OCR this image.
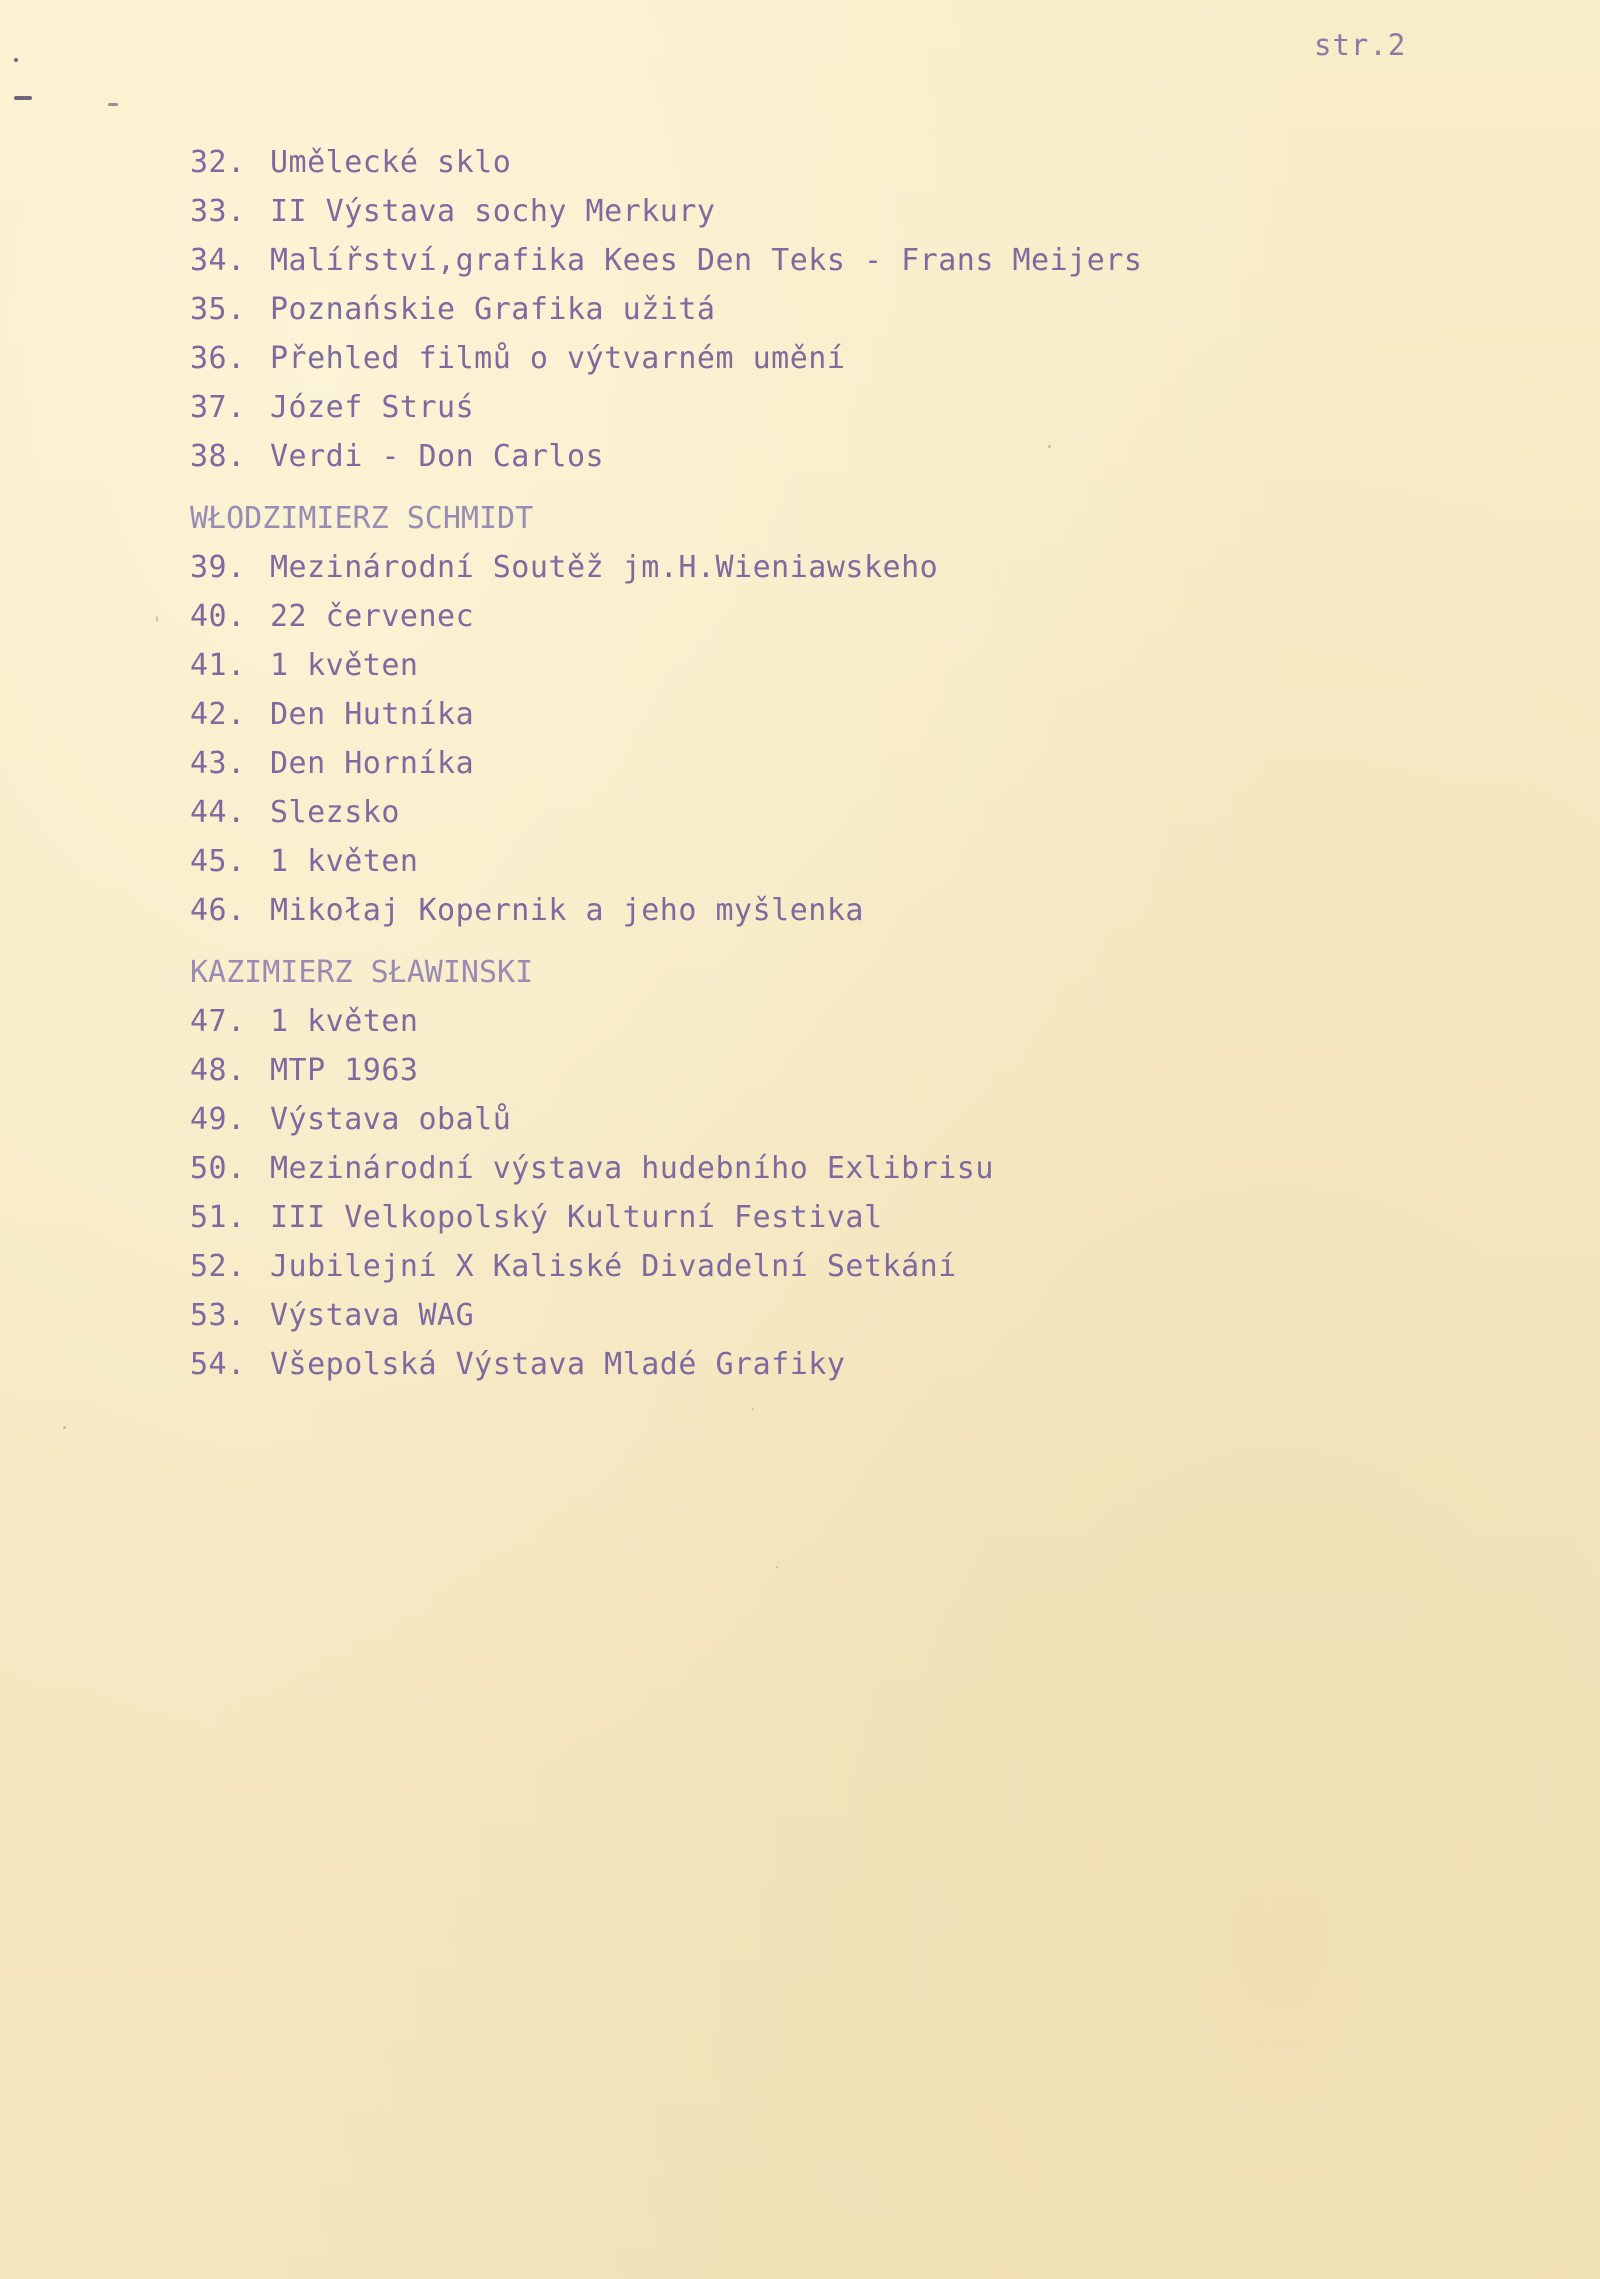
str.2
32. Umělecké sklo
33. II Výstava sochy Merkury
34. Malířství,grafika Kees Den Teks - Frans Meijers
35. Poznańskie Grafika užitá
36. Přehled filmů o výtvarném umění
37. Józef Struś
38. Verdi - Don Carlos
WŁODZIMIERZ SCHMIDT
39. Mezinárodní Soutěž jm.H.Wieniawskeho
40. 22 červenec
41. 1 květen
42. Den Hutníka
43. Den Horníka
44. Slezsko
45. 1 květen
46. Mikołaj Kopernik a jeho myšlenka
KAZIMIERZ SŁAWINSKI
47. 1 květen
48. MTP 1963
49. Výstava obalů
50. Mezinárodní výstava hudebního Exlibrisu
51. III Velkopolský Kulturní Festival
52. Jubilejní X Kaliské Divadelní Setkání
53. Výstava WAG
54. Všepolská Výstava Mladé Grafiky
